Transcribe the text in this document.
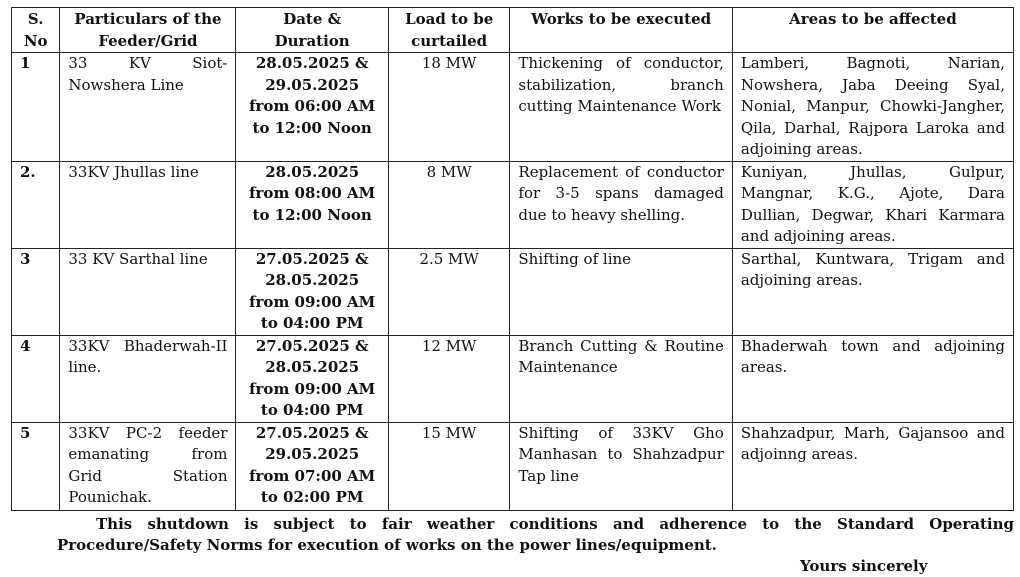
S. No	Particulars of the Feeder/Grid	Date & Duration	Load to be curtailed	Works to be executed	Areas to be affected
1	33 KV Siot-Nowshera Line	28.05.2025 & 29.05.2025 from 06:00 AM to 12:00 Noon	18 MW	Thickening of conductor, stabilization, branch cutting Maintenance Work	Lamberi, Bagnoti, Narian, Nowshera, Jaba Deeing Syal, Nonial, Manpur, Chowki-Jangher, Qila, Darhal, Rajpora Laroka and adjoining areas.
2.	33KV Jhullas line	28.05.2025 from 08:00 AM to 12:00 Noon	8 MW	Replacement of conductor for 3-5 spans damaged due to heavy shelling.	Kuniyan, Jhullas, Gulpur, Mangnar, K.G., Ajote, Dara Dullian, Degwar, Khari Karmara and adjoining areas.
3	33 KV Sarthal line	27.05.2025 & 28.05.2025 from 09:00 AM to 04:00 PM	2.5 MW	Shifting of line	Sarthal, Kuntwara, Trigam and adjoining areas.
4	33KV Bhaderwah-II line.	27.05.2025 & 28.05.2025 from 09:00 AM to 04:00 PM	12 MW	Branch Cutting & Routine Maintenance	Bhaderwah town and adjoining areas.
5	33KV PC-2 feeder emanating from Grid Station Pounichak.	27.05.2025 & 29.05.2025 from 07:00 AM to 02:00 PM	15 MW	Shifting of 33KV Gho Manhasan to Shahzadpur Tap line	Shahzadpur, Marh, Gajansoo and adjoinng areas.

This shutdown is subject to fair weather conditions and adherence to the Standard Operating Procedure/Safety Norms for execution of works on the power lines/equipment.

Yours sincerely
